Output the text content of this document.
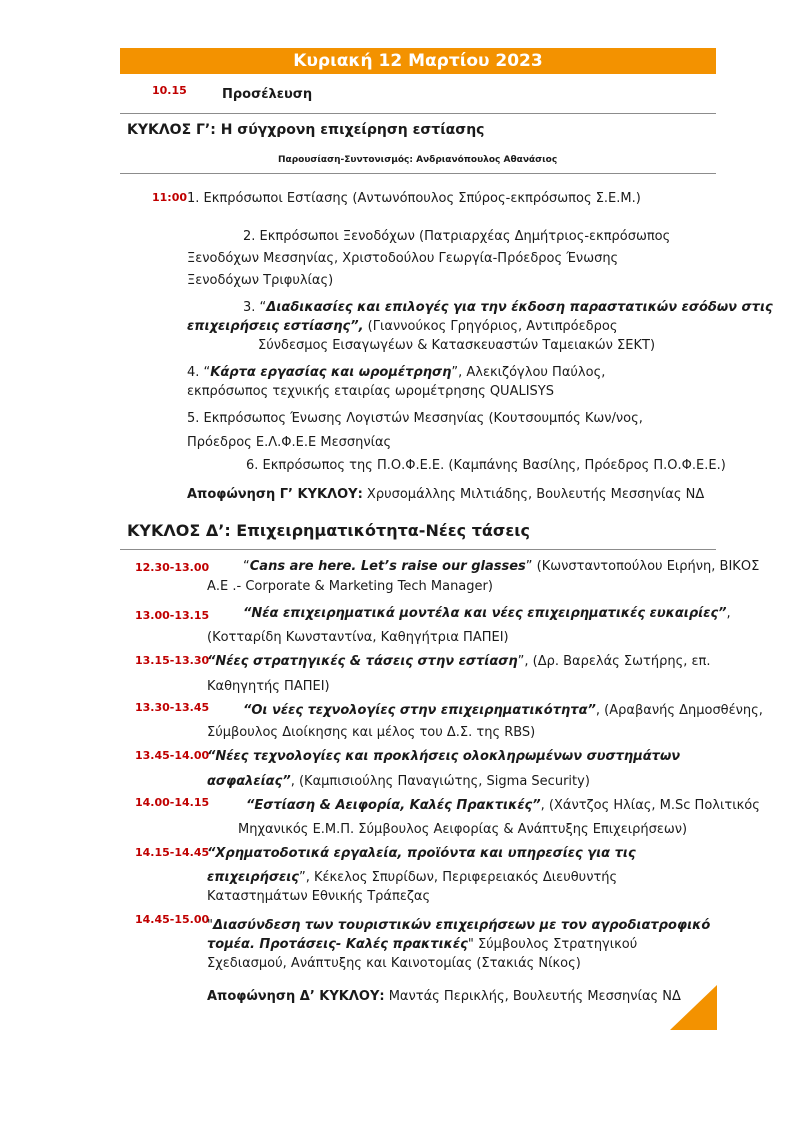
Κυριακή 12 Μαρτίου 2023
10.15	Προσέλευση
ΚΥΚΛΟΣ Γ’: Η σύγχρονη επιχείρηση εστίασης
Παρουσίαση-Συντονισμός: Ανδριανόπουλος Αθανάσιος
11:00 1. Εκπρόσωποι Εστίασης (Αντωνόπουλος Σπύρος-εκπρόσωπος Σ.Ε.Μ.)
2. Εκπρόσωποι Ξενοδόχων (Πατριαρχέας Δημήτριος-εκπρόσωπος
Ξενοδόχων Μεσσηνίας, Χριστοδούλου Γεωργία-Πρόεδρος Ένωσης
Ξενοδόχων Τριφυλίας)
3. “Διαδικασίες και επιλογές για την έκδοση παραστατικών εσόδων στις
επιχειρήσεις εστίασης”, (Γιαννούκος Γρηγόριος, Αντιπρόεδρος
Σύνδεσμος Εισαγωγέων & Κατασκευαστών Ταμειακών ΣΕΚΤ)
4. “Κάρτα εργασίας και ωρομέτρηση”, Αλεκιζόγλου Παύλος,
εκπρόσωπος τεχνικής εταιρίας ωρομέτρησης QUALISYS
5. Εκπρόσωπος Ένωσης Λογιστών Μεσσηνίας (Κουτσουμπός Κων/νος,
Πρόεδρος Ε.Λ.Φ.Ε.Ε Μεσσηνίας
6. Εκπρόσωπος της Π.Ο.Φ.Ε.Ε. (Καμπάνης Βασίλης, Πρόεδρος Π.Ο.Φ.Ε.Ε.)
Αποφώνηση Γ’ ΚΥΚΛΟΥ: Χρυσομάλλης Μιλτιάδης, Βουλευτής Μεσσηνίας ΝΔ
ΚΥΚΛΟΣ Δ’: Επιχειρηματικότητα-Νέες τάσεις
12.30-13.00	“Cans are here. Let’s raise our glasses” (Κωνσταντοπούλου Ειρήνη, ΒΙΚΟΣ
Α.Ε .- Corporate & Marketing Tech Manager)
13.00-13.15	“Νέα επιχειρηματικά μοντέλα και νέες επιχειρηματικές ευκαιρίες”,
(Κοτταρίδη Κωνσταντίνα, Καθηγήτρια ΠΑΠΕΙ)
13.15-13.30
“Νέες στρατηγικές & τάσεις στην εστίαση”, (Δρ. Βαρελάς Σωτήρης, επ.
Καθηγητής ΠΑΠΕΙ)
13.30-13.45	“Οι νέες τεχνολογίες στην επιχειρηματικότητα”, (Αραβανής Δημοσθένης,
Σύμβουλος Διοίκησης και μέλος του Δ.Σ. της RBS)
13.45-14.00
“Νέες τεχνολογίες και προκλήσεις ολοκληρωμένων συστημάτων
ασφαλείας”, (Καμπισιούλης Παναγιώτης, Sigma Security)
14.00-14.15	“Εστίαση & Αειφορία, Καλές Πρακτικές”, (Χάντζος Ηλίας, M.Sc Πολιτικός
Μηχανικός Ε.Μ.Π. Σύμβουλος Αειφορίας & Ανάπτυξης Επιχειρήσεων)
14.15-14.45
“Χρηματοδοτικά εργαλεία, προϊόντα και υπηρεσίες για τις
επιχειρήσεις”, Κέκελος Σπυρίδων, Περιφερειακός Διευθυντής
Καταστημάτων Εθνικής Τράπεζας
14.45-15.00
"Διασύνδεση των τουριστικών επιχειρήσεων με τον αγροδιατροφικό
τομέα. Προτάσεις- Καλές πρακτικές" Σύμβουλος Στρατηγικού
Σχεδιασμού, Ανάπτυξης και Καινοτομίας (Στακιάς Νίκος)
Αποφώνηση Δ’ ΚΥΚΛΟΥ: Μαντάς Περικλής, Βουλευτής Μεσσηνίας ΝΔ
